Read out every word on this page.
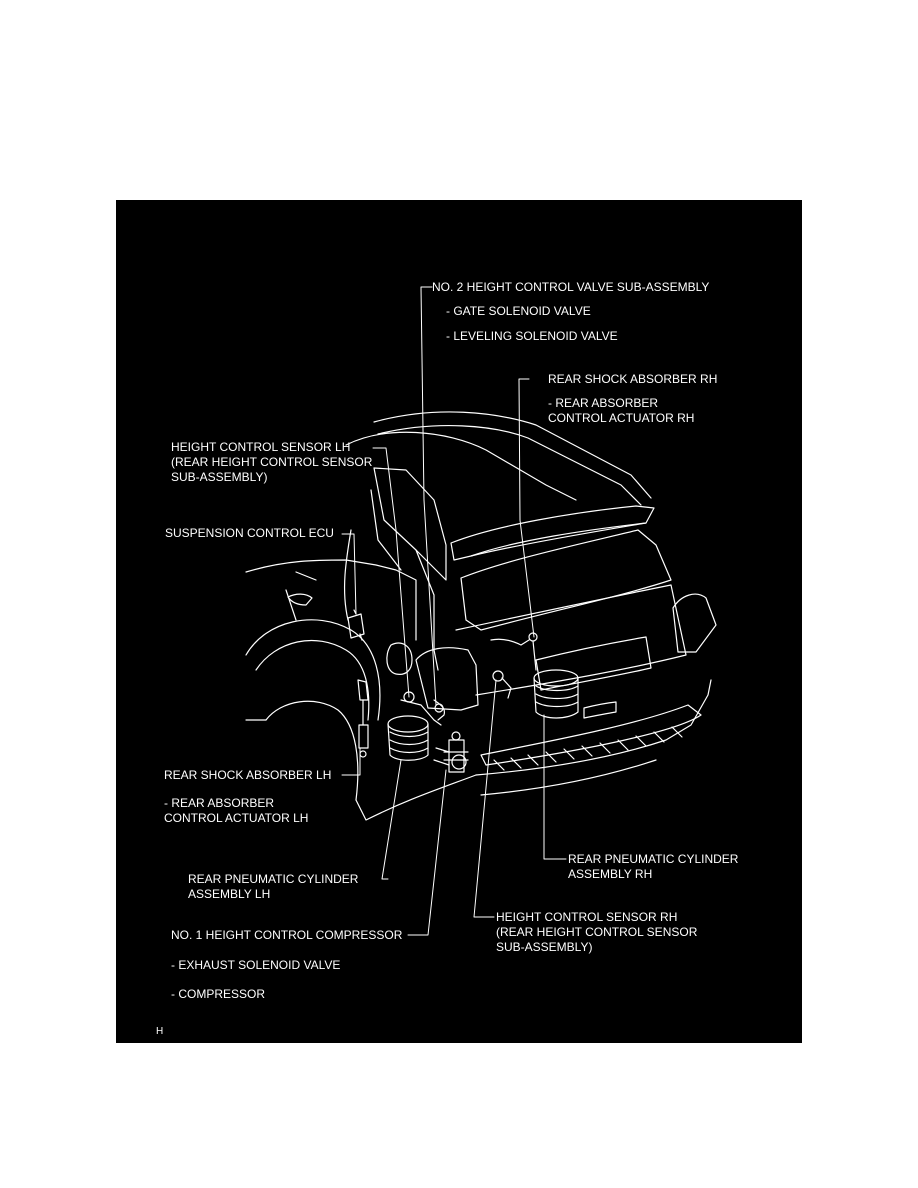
NO. 2 HEIGHT CONTROL VALVE SUB-ASSEMBLY
- GATE SOLENOID VALVE
- LEVELING SOLENOID VALVE
REAR SHOCK ABSORBER RH
- REAR ABSORBER
CONTROL ACTUATOR RH
HEIGHT CONTROL SENSOR LH
(REAR HEIGHT CONTROL SENSOR
SUB-ASSEMBLY)
SUSPENSION CONTROL ECU
REAR SHOCK ABSORBER LH
- REAR ABSORBER
CONTROL ACTUATOR LH
REAR PNEUMATIC CYLINDER
ASSEMBLY RH
REAR PNEUMATIC CYLINDER
ASSEMBLY LH
HEIGHT CONTROL SENSOR RH
(REAR HEIGHT CONTROL SENSOR
SUB-ASSEMBLY)
NO. 1 HEIGHT CONTROL COMPRESSOR
- EXHAUST SOLENOID VALVE
- COMPRESSOR
H
